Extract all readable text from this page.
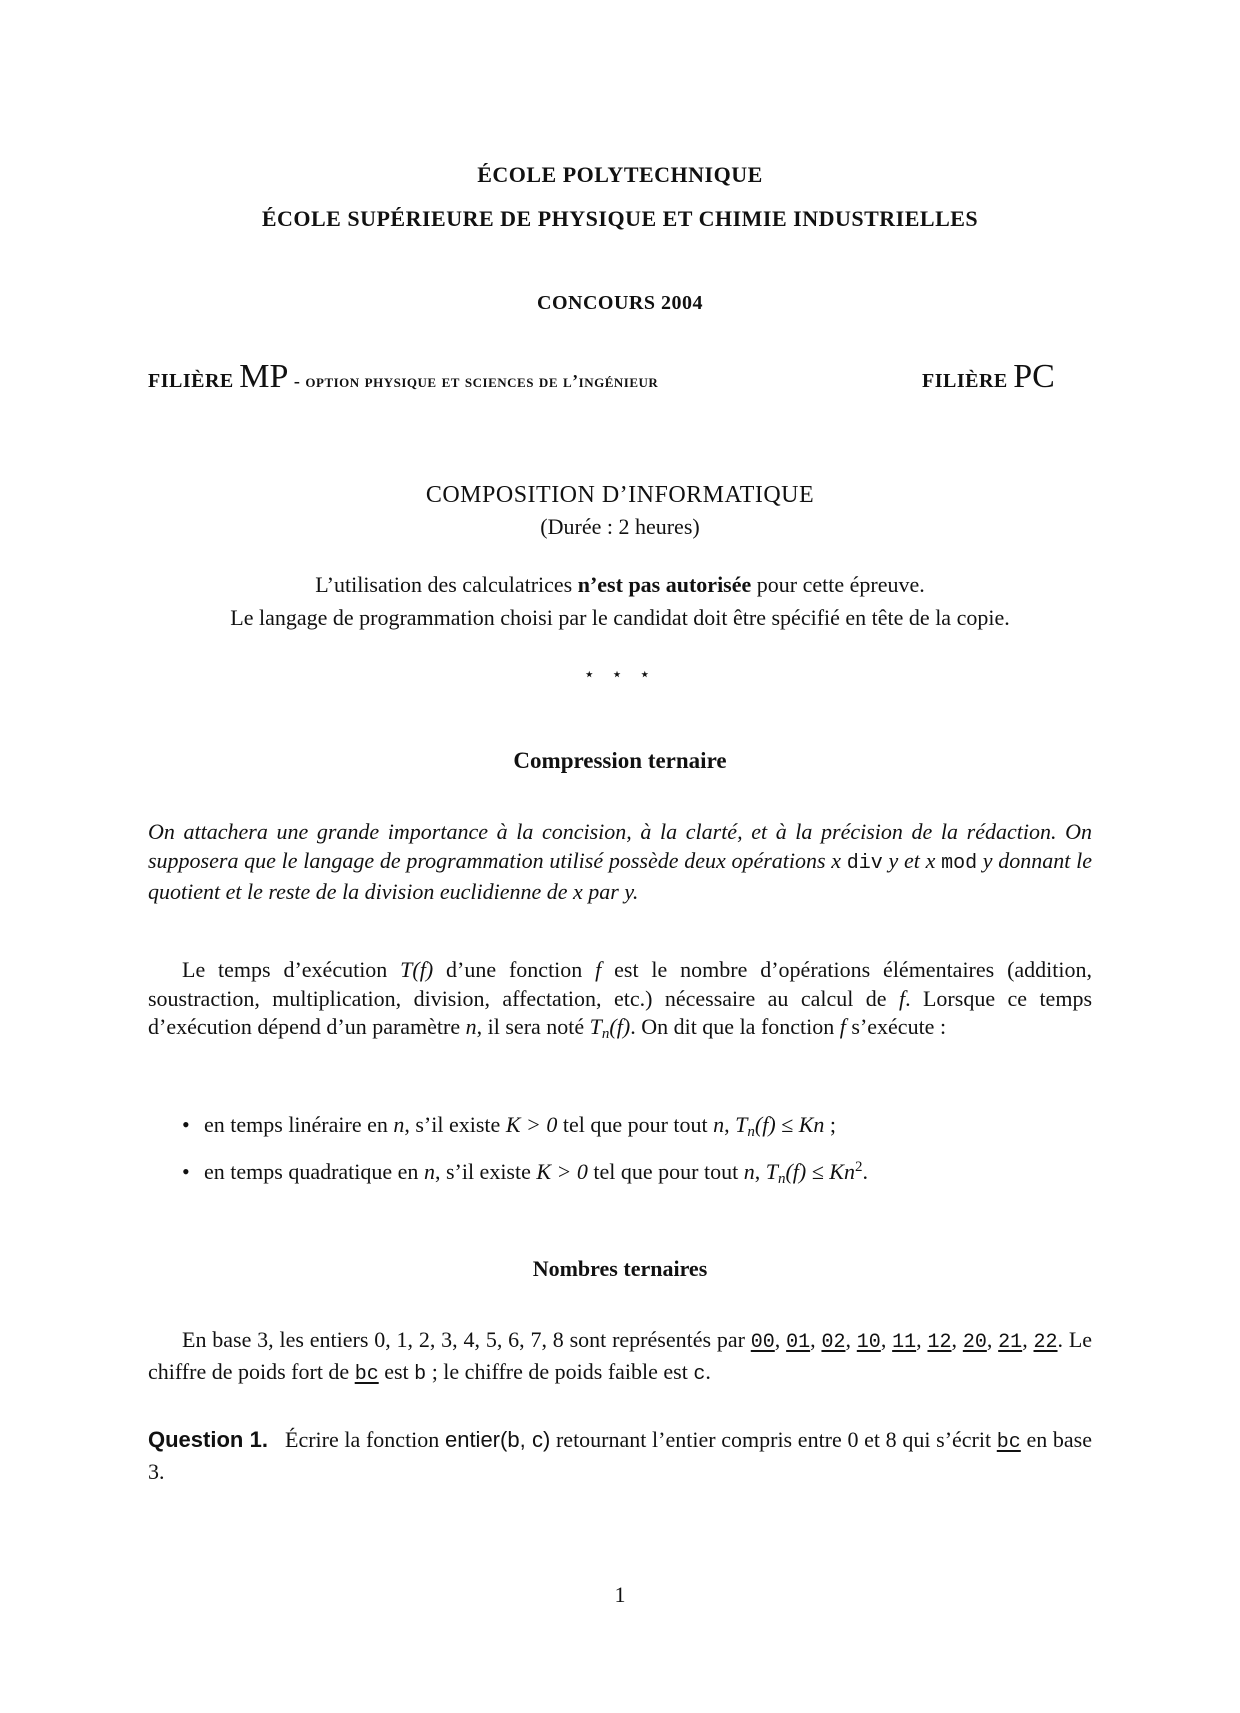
ÉCOLE POLYTECHNIQUE
ÉCOLE SUPÉRIEURE DE PHYSIQUE ET CHIMIE INDUSTRIELLES
CONCOURS 2004
FILIÈRE MP - option physique et sciences de l’ingénieur	FILIÈRE PC
COMPOSITION D’INFORMATIQUE
(Durée : 2 heures)
L’utilisation des calculatrices n’est pas autorisée pour cette épreuve.
Le langage de programmation choisi par le candidat doit être spécifié en tête de la copie.
⋆ ⋆ ⋆
Compression ternaire
On attachera une grande importance à la concision, à la clarté, et à la précision de la rédaction. On supposera que le langage de programmation utilisé possède deux opérations x div y et x mod y donnant le quotient et le reste de la division euclidienne de x par y.
Le temps d’exécution T(f) d’une fonction f est le nombre d’opérations élémentaires (addition, soustraction, multiplication, division, affectation, etc.) nécessaire au calcul de f. Lorsque ce temps d’exécution dépend d’un paramètre n, il sera noté $T_n(f)$. On dit que la fonction f s’exécute :
• en temps linéraire en n, s’il existe K > 0 tel que pour tout n, $T_n(f) \le Kn$ ;
• en temps quadratique en n, s’il existe K > 0 tel que pour tout n, $T_n(f) \le Kn^2$.
Nombres ternaires
En base 3, les entiers 0, 1, 2, 3, 4, 5, 6, 7, 8 sont représentés par 00, 01, 02, 10, 11, 12, 20, 21, 22. Le chiffre de poids fort de bc est b ; le chiffre de poids faible est c.
Question 1. Écrire la fonction entier(b, c) retournant l’entier compris entre 0 et 8 qui s’écrit bc en base 3.
1
